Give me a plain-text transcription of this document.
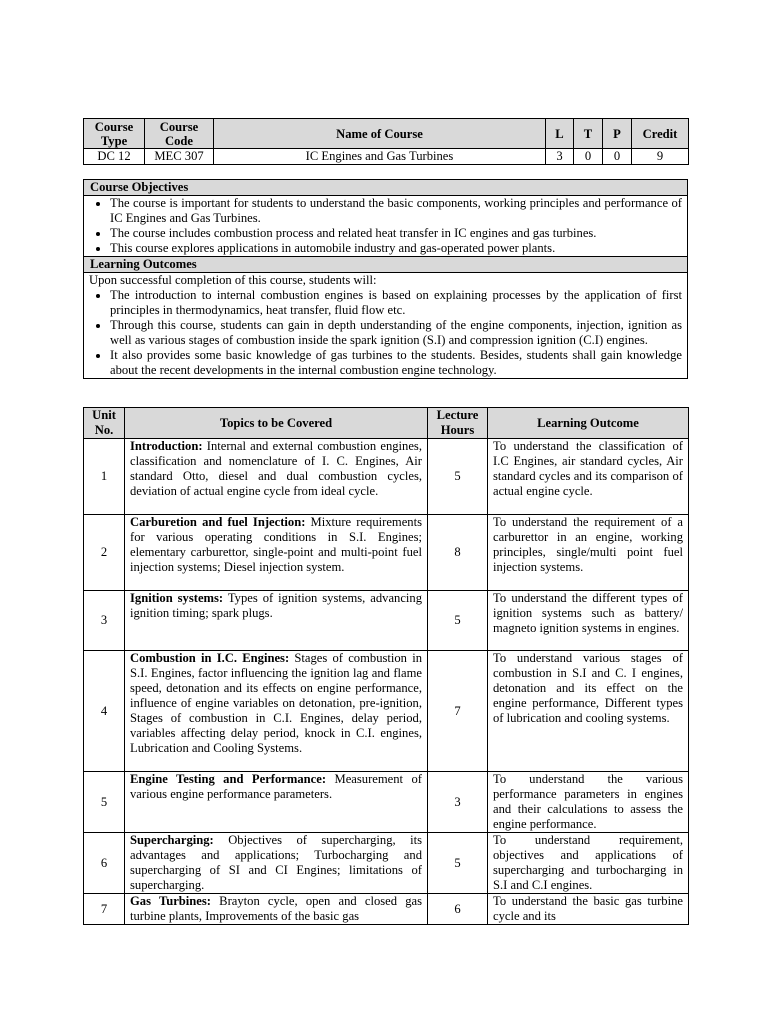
Course Type	Course Code	Name of Course	L	T	P	Credit
DC 12	MEC 307	IC Engines and Gas Turbines	3	0	0	9
Course Objectives

• The course is important for students to understand the basic components, working principles and performance of IC Engines and Gas Turbines.
• The course includes combustion process and related heat transfer in IC engines and gas turbines.
• This course explores applications in automobile industry and gas-operated power plants.

Learning Outcomes

Upon successful completion of this course, students will:
• The introduction to internal combustion engines is based on explaining processes by the application of first principles in thermodynamics, heat transfer, fluid flow etc.
• Through this course, students can gain in depth understanding of the engine components, injection, ignition as well as various stages of combustion inside the spark ignition (S.I) and compression ignition (C.I) engines.
• It also provides some basic knowledge of gas turbines to the students. Besides, students shall gain knowledge about the recent developments in the internal combustion engine technology.
Unit No.	Topics to be Covered	Lecture Hours	Learning Outcome
1	Introduction: Internal and external combustion engines, classification and nomenclature of I. C. Engines, Air standard Otto, diesel and dual combustion cycles, deviation of actual engine cycle from ideal cycle.	5	To understand the classification of I.C Engines, air standard cycles, Air standard cycles and its comparison of actual engine cycle.
2	Carburetion and fuel Injection: Mixture requirements for various operating conditions in S.I. Engines; elementary carburettor, single-point and multi-point fuel injection systems; Diesel injection system.	8	To understand the requirement of a carburettor in an engine, working principles, single/multi point fuel injection systems.
3	Ignition systems: Types of ignition systems, advancing ignition timing; spark plugs.	5	To understand the different types of ignition systems such as battery/ magneto ignition systems in engines.
4	Combustion in I.C. Engines: Stages of combustion in S.I. Engines, factor influencing the ignition lag and flame speed, detonation and its effects on engine performance, influence of engine variables on detonation, pre-ignition, Stages of combustion in C.I. Engines, delay period, variables affecting delay period, knock in C.I. engines, Lubrication and Cooling Systems.	7	To understand various stages of combustion in S.I and C. I engines, detonation and its effect on the engine performance, Different types of lubrication and cooling systems.
5	Engine Testing and Performance: Measurement of various engine performance parameters.	3	To understand the various performance parameters in engines and their calculations to assess the engine performance.
6	Supercharging: Objectives of supercharging, its advantages and applications; Turbocharging and supercharging of SI and CI Engines; limitations of supercharging.	5	To understand requirement, objectives and applications of supercharging and turbocharging in S.I and C.I engines.
7	Gas Turbines: Brayton cycle, open and closed gas turbine plants, Improvements of the basic gas	6	To understand the basic gas turbine cycle and its
